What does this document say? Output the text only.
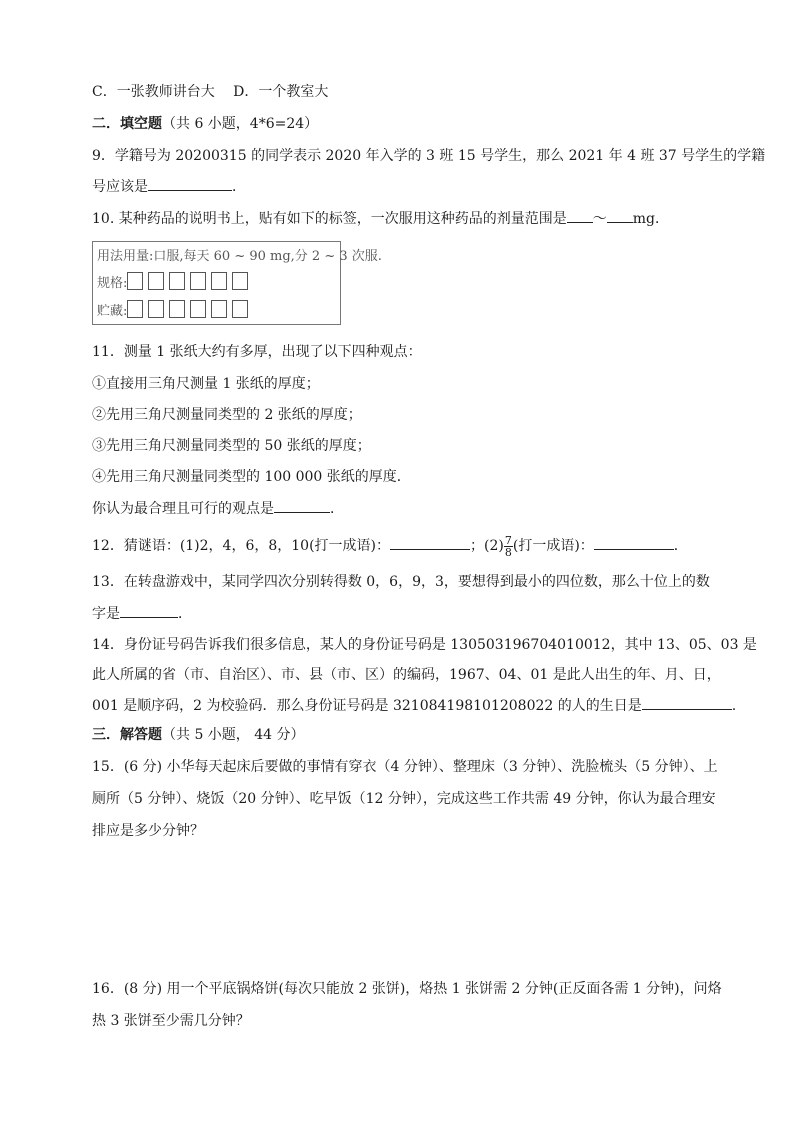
C．一张教师讲台大　 D．一个教室大
二．填空题（共 6 小题，4*6=24）
9．学籍号为 20200315 的同学表示 2020 年入学的 3 班 15 号学生，那么 2021 年 4 班 37 号学生的学籍
号应该是	．
10. 某种药品的说明书上，贴有如下的标签，一次服用这种药品的剂量范围是 ～ mg．
用法用量:口服,每天 60 ~ 90 mg,分 2 ~ 3 次服.
规格:
贮藏:
11．测量 1 张纸大约有多厚，出现了以下四种观点：
①直接用三角尺测量 1 张纸的厚度；
②先用三角尺测量同类型的 2 张纸的厚度；
③先用三角尺测量同类型的 50 张纸的厚度；
④先用三角尺测量同类型的 100 000 张纸的厚度．
你认为最合理且可行的观点是	．
12．猜谜语：(1)2，4，6，8，10(打一成语)：	；$(2) \frac{7}{8}$ (打一成语)：	．
13．在转盘游戏中，某同学四次分别转得数 0，6，9，3，要想得到最小的四位数，那么十位上的数
字是	．
14．身份证号码告诉我们很多信息，某人的身份证号码是 130503196704010012，其中 13、05、03 是
此人所属的省（市、自治区）、市、县（市、区）的编码，1967、04、01 是此人出生的年、月、日，
001 是顺序码，2 为校验码．那么身份证号码是 321084198101208022 的人的生日是	.
三．解答题（共 5 小题， 44 分）
15．(6 分) 小华每天起床后要做的事情有穿衣（4 分钟）、整理床（3 分钟）、洗脸梳头（5 分钟）、上
厕所（5 分钟）、烧饭（20 分钟）、吃早饭（12 分钟），完成这些工作共需 49 分钟，你认为最合理安
排应是多少分钟？
16．(8 分) 用一个平底锅烙饼(每次只能放 2 张饼)，烙热 1 张饼需 2 分钟(正反面各需 1 分钟)，问烙
热 3 张饼至少需几分钟？
